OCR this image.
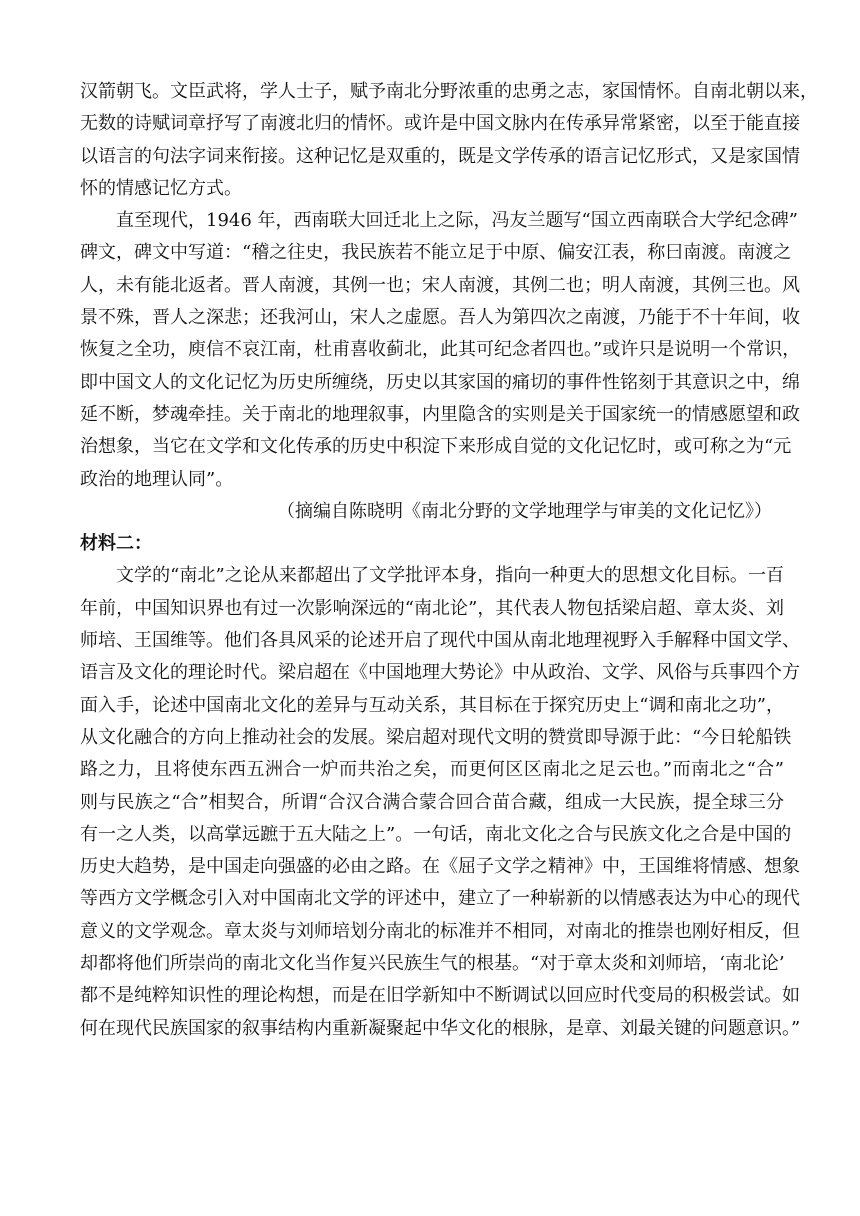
汉箭朝飞。文臣武将，学人士子，赋予南北分野浓重的忠勇之志，家国情怀。自南北朝以来，

无数的诗赋词章抒写了南渡北归的情怀。或许是中国文脉内在传承异常紧密，以至于能直接

以语言的句法字词来衔接。这种记忆是双重的，既是文学传承的语言记忆形式，又是家国情

怀的情感记忆方式。

直至现代，1946 年，西南联大回迁北上之际，冯友兰题写“国立西南联合大学纪念碑”

碑文，碑文中写道：“稽之往史，我民族若不能立足于中原、偏安江表，称曰南渡。南渡之

人，未有能北返者。晋人南渡，其例一也；宋人南渡，其例二也；明人南渡，其例三也。风

景不殊，晋人之深悲；还我河山，宋人之虚愿。吾人为第四次之南渡，乃能于不十年间，收

恢复之全功，庾信不哀江南，杜甫喜收蓟北，此其可纪念者四也。”或许只是说明一个常识，

即中国文人的文化记忆为历史所缠绕，历史以其家国的痛切的事件性铭刻于其意识之中，绵

延不断，梦魂牵挂。关于南北的地理叙事，内里隐含的实则是关于国家统一的情感愿望和政

治想象，当它在文学和文化传承的历史中积淀下来形成自觉的文化记忆时，或可称之为“元

政治的地理认同”。

（摘编自陈晓明《南北分野的文学地理学与审美的文化记忆》）

材料二：

文学的“南北”之论从来都超出了文学批评本身，指向一种更大的思想文化目标。一百

年前，中国知识界也有过一次影响深远的“南北论”，其代表人物包括梁启超、章太炎、刘

师培、王国维等。他们各具风采的论述开启了现代中国从南北地理视野入手解释中国文学、

语言及文化的理论时代。梁启超在《中国地理大势论》中从政治、文学、风俗与兵事四个方

面入手，论述中国南北文化的差异与互动关系，其目标在于探究历史上“调和南北之功”，

从文化融合的方向上推动社会的发展。梁启超对现代文明的赞赏即导源于此：“今日轮船铁

路之力，且将使东西五洲合一炉而共治之矣，而更何区区南北之足云也。”而南北之“合”

则与民族之“合”相契合，所谓“合汉合满合蒙合回合苗合藏，组成一大民族，提全球三分

有一之人类，以高掌远蹠于五大陆之上”。一句话，南北文化之合与民族文化之合是中国的

历史大趋势，是中国走向强盛的必由之路。在《屈子文学之精神》中，王国维将情感、想象

等西方文学概念引入对中国南北文学的评述中，建立了一种崭新的以情感表达为中心的现代

意义的文学观念。章太炎与刘师培划分南北的标准并不相同，对南北的推崇也刚好相反，但

却都将他们所崇尚的南北文化当作复兴民族生气的根基。“对于章太炎和刘师培，‘南北论’

都不是纯粹知识性的理论构想，而是在旧学新知中不断调试以回应时代变局的积极尝试。如

何在现代民族国家的叙事结构内重新凝聚起中华文化的根脉，是章、刘最关键的问题意识。”
